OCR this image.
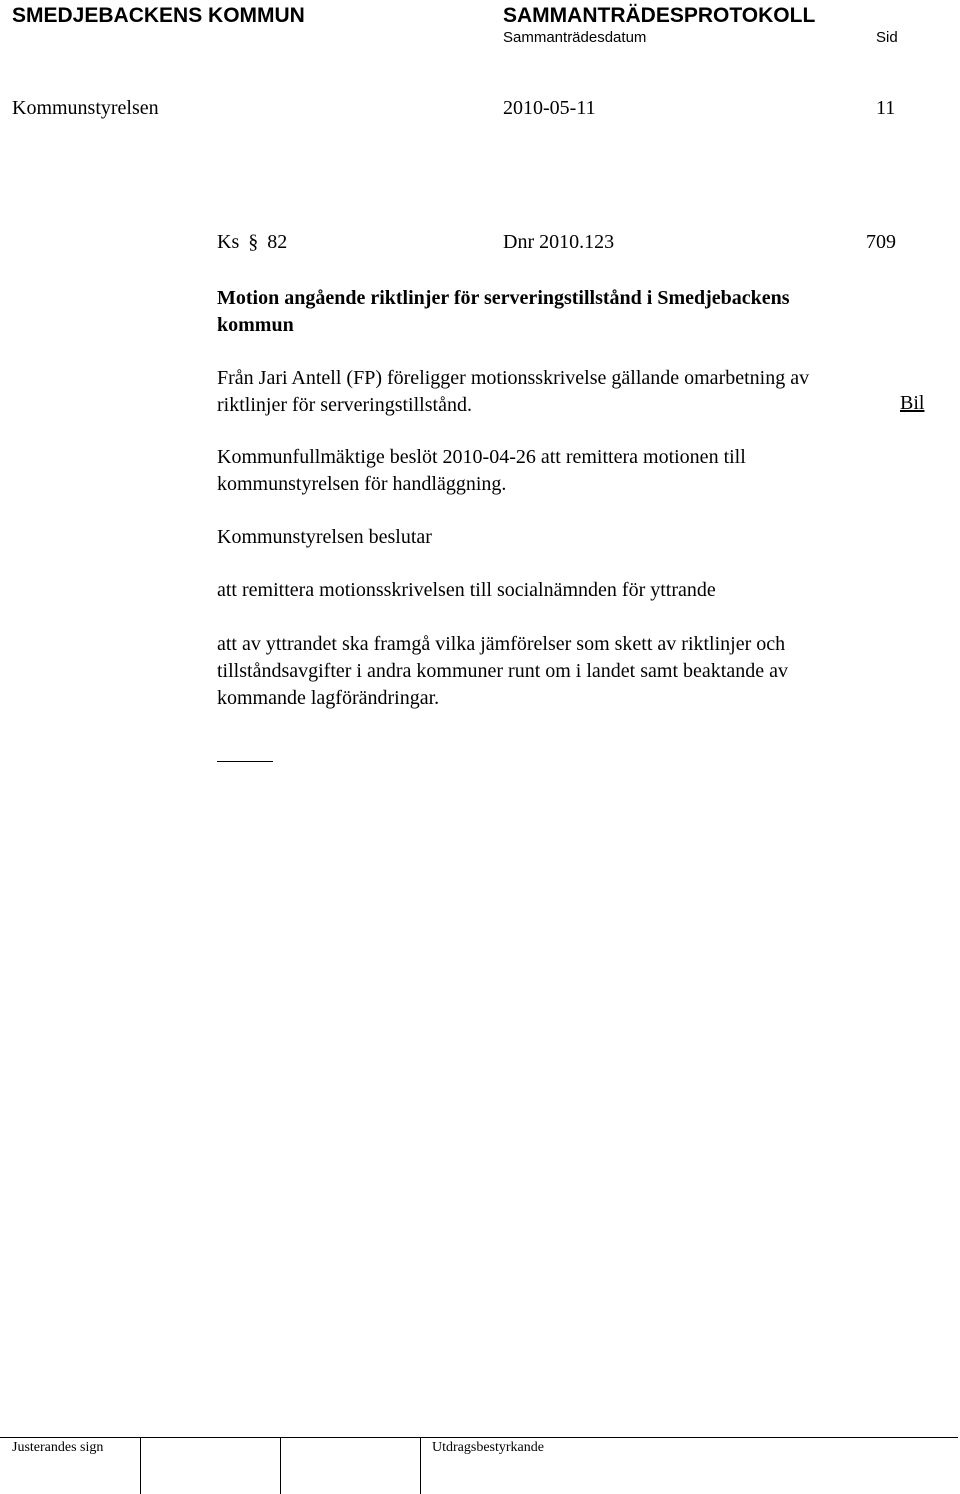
SMEDJEBACKENS KOMMUN	SAMMANTRÄDESPROTOKOLL
Sammanträdesdatum	Sid
Kommunstyrelsen	2010-05-11	11
Ks § 82	Dnr 2010.123	709
Motion angående riktlinjer för serveringstillstånd i Smedjebackens
kommun
Från Jari Antell (FP) föreligger motionsskrivelse gällande omarbetning av
riktlinjer för serveringstillstånd.	Bil
Kommunfullmäktige beslöt 2010-04-26 att remittera motionen till
kommunstyrelsen för handläggning.
Kommunstyrelsen beslutar
att remittera motionsskrivelsen till socialnämnden för yttrande
att av yttrandet ska framgå vilka jämförelser som skett av riktlinjer och
tillståndsavgifter i andra kommuner runt om i landet samt beaktande av
kommande lagförändringar.
Justerandes sign	Utdragsbestyrkande
